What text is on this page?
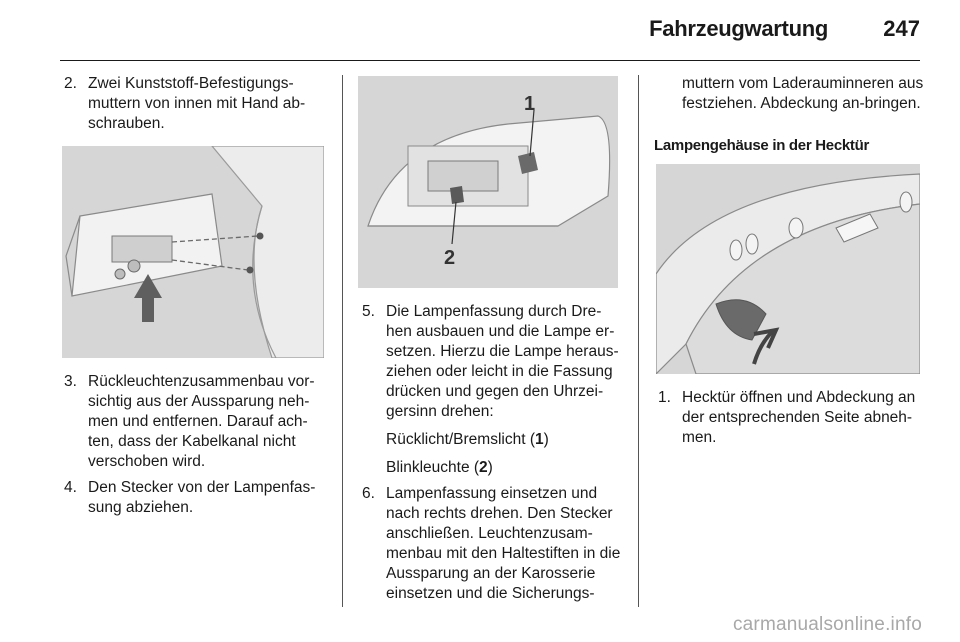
Fahrzeugwartung	247
2. Zwei Kunststoff-Befestigungs-muttern von innen mit Hand ab-schrauben.
3. Rückleuchtenzusammenbau vor-sichtig aus der Aussparung neh-men und entfernen. Darauf ach-ten, dass der Kabelkanal nicht verschoben wird.
4. Den Stecker von der Lampenfas-sung abziehen.
1
2
5. Die Lampenfassung durch Dre-hen ausbauen und die Lampe er-setzen. Hierzu die Lampe heraus-ziehen oder leicht in die Fassung drücken und gegen den Uhrzei-gersinn drehen:
Rücklicht/Bremslicht (1)
Blinkleuchte (2)
6. Lampenfassung einsetzen und nach rechts drehen. Den Stecker anschließen. Leuchtenzusam-menbau mit den Haltestiften in die Aussparung an der Karosserie einsetzen und die Sicherungs-
muttern vom Laderauminneren aus festziehen. Abdeckung an-bringen.
Lampengehäuse in der Hecktür
1. Hecktür öffnen und Abdeckung an der entsprechenden Seite abneh-men.
carmanualsonline.info
